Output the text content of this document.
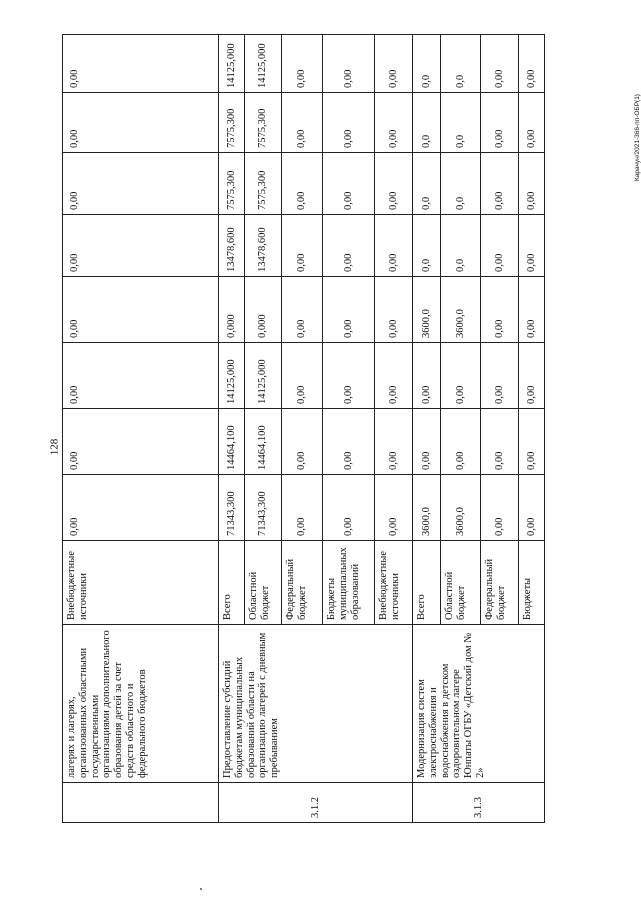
128
Карачун/2021-366-пп-ОБР(1)
	лагерях и лагерях, организованных областными государственными организациями дополнительного образования детей за счет средств областного и федерального бюджетов	Внебюджетные источники	0,00	0,00	0,00	0,00	0,00	0,00	0,00	0,00
3.1.2	Предоставление субсидий бюджетам муниципальных образований области на организацию лагерей с дневным пребыванием	Всего	71343,300	14464,100	14125,000	0,000	13478,600	7575,300	7575,300	14125,000
		Областной бюджет	71343,300	14464,100	14125,000	0,000	13478,600	7575,300	7575,300	14125,000
		Федеральный бюджет	0,00	0,00	0,00	0,00	0,00	0,00	0,00	0,00
		Бюджеты муниципальных образований	0,00	0,00	0,00	0,00	0,00	0,00	0,00	0,00
		Внебюджетные источники	0,00	0,00	0,00	0,00	0,00	0,00	0,00	0,00
3.1.3	Модернизация систем электроснабжения и водоснабжения в детском оздоровительном лагере Юнпаты ОГБУ «Детский дом № 2»	Всего	3600,0	0,00	0,00	3600,0	0,0	0,0	0,0	0,0
		Областной бюджет	3600,0	0,00	0,00	3600,0	0,0	0,0	0,0	0,0
		Федеральный бюджет	0,00	0,00	0,00	0,00	0,00	0,00	0,00	0,00
		Бюджеты	0,00	0,00	0,00	0,00	0,00	0,00	0,00	0,00
